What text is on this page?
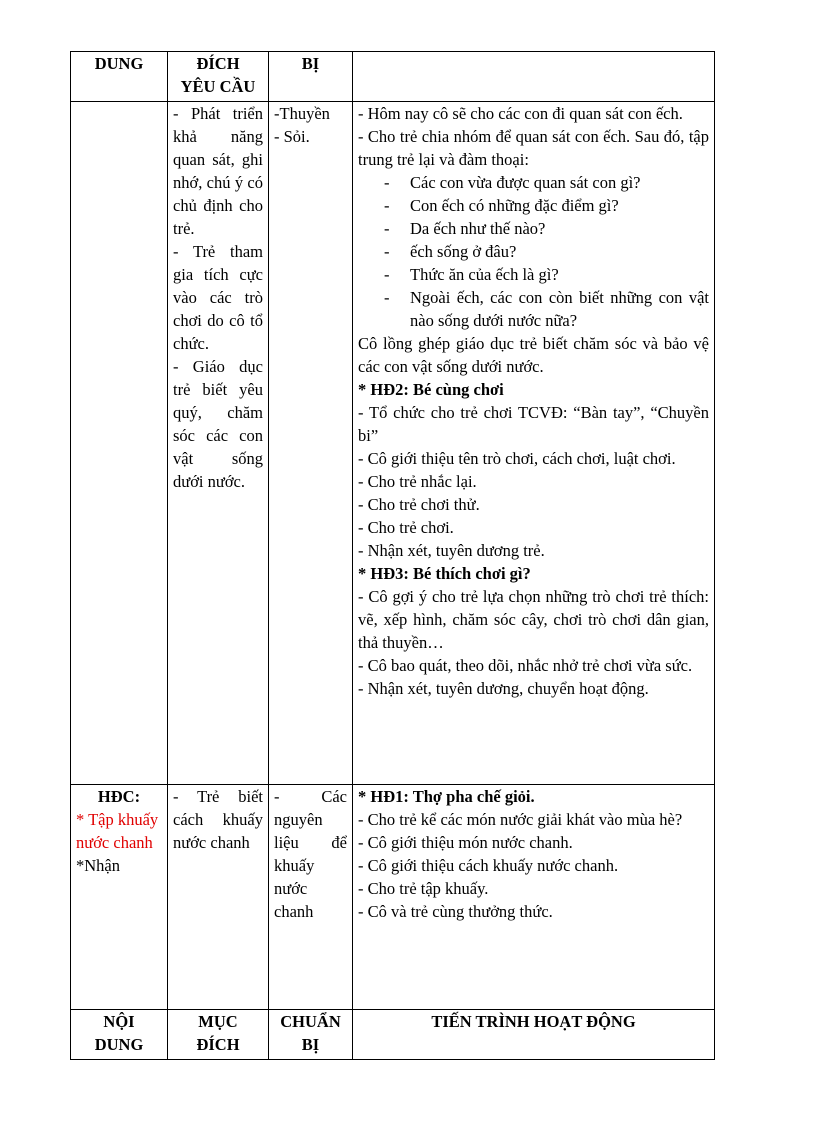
DUNG	ĐÍCH

YÊU CẦU

BỊ

- Phát triển khả năng quan sát, ghi nhớ, chú ý có chủ định cho trẻ.

- Trẻ tham gia tích cực vào các trò chơi do cô tổ chức.

- Giáo dục trẻ biết yêu quý, chăm sóc các con vật sống dưới nước.

-Thuyền

- Sỏi.

- Hôm nay cô sẽ cho các con đi quan sát con ếch.

- Cho trẻ chia nhóm để quan sát con ếch. Sau đó, tập trung trẻ lại và đàm thoại:

- Các con vừa được quan sát con gì?
- Con ếch có những đặc điểm gì?
- Da ếch như thế nào?
- ếch sống ở đâu?
- Thức ăn của ếch là gì?
- Ngoài ếch, các con còn biết những con vật nào sống dưới nước nữa?

Cô lồng ghép giáo dục trẻ biết chăm sóc và bảo vệ các con vật sống dưới nước.

* HĐ2: Bé cùng chơi

- Tổ chức cho trẻ chơi TCVĐ: “Bàn tay”, “Chuyền bi”

- Cô giới thiệu tên trò chơi, cách chơi, luật chơi.

- Cho trẻ nhắc lại.

- Cho trẻ chơi thử.

- Cho trẻ chơi.

- Nhận xét, tuyên dương trẻ.

* HĐ3: Bé thích chơi gì?

- Cô gợi ý cho trẻ lựa chọn những trò chơi trẻ thích: vẽ, xếp hình, chăm sóc cây, chơi trò chơi dân gian, thả thuyền…

- Cô bao quát, theo dõi, nhắc nhở trẻ chơi vừa sức.

- Nhận xét, tuyên dương, chuyển hoạt động.

HĐC:

* Tập khuấy nước chanh

*Nhận

- Trẻ biết cách khuấy nước chanh

- Các nguyên liệu để khuấy nước chanh

* HĐ1: Thợ pha chế giỏi.

- Cho trẻ kể các món nước giải khát vào mùa hè?

- Cô giới thiệu món nước chanh.

- Cô giới thiệu cách khuấy nước chanh.

- Cho trẻ tập khuấy.

- Cô và trẻ cùng thưởng thức.

NỘI

DUNG

MỤC

ĐÍCH

CHUẨN

BỊ

TIẾN TRÌNH HOẠT ĐỘNG
